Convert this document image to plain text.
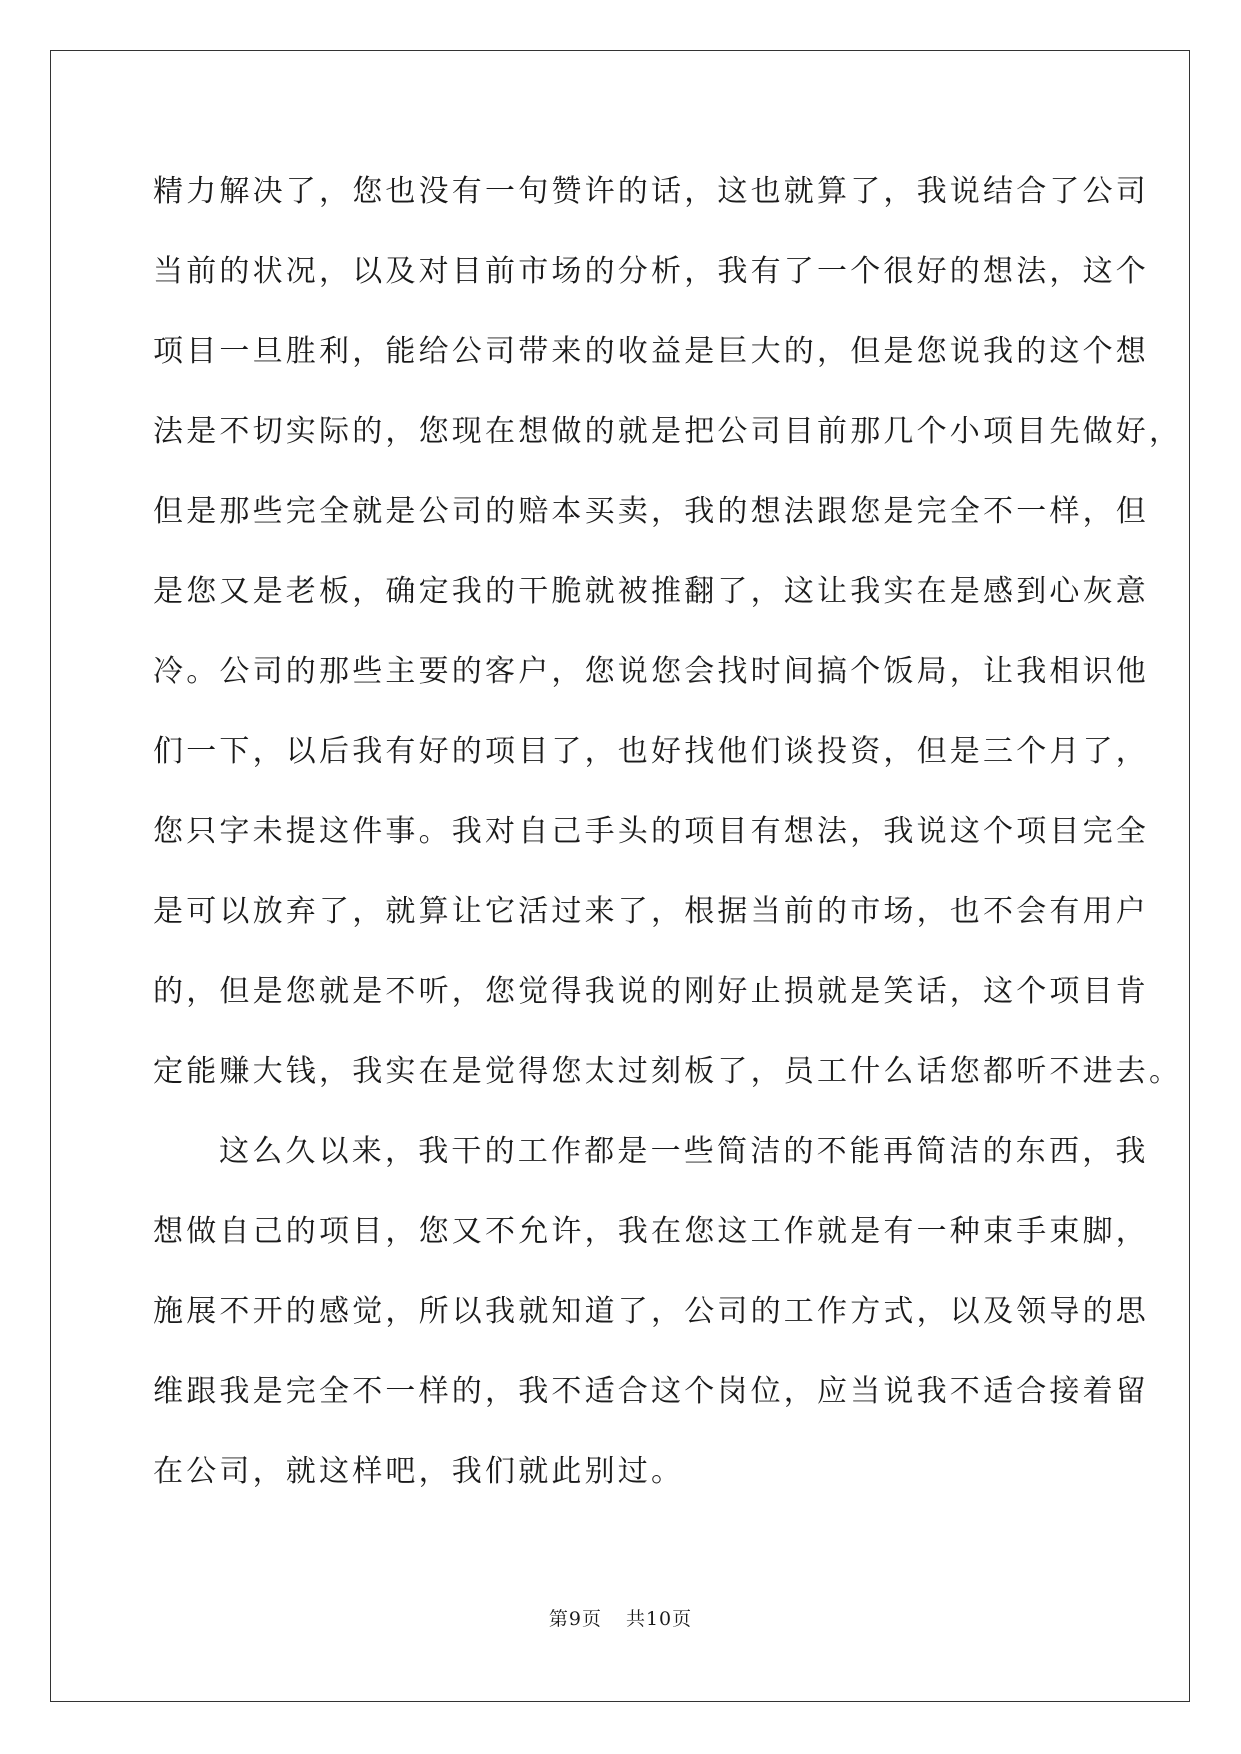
精力解决了，您也没有一句赞许的话，这也就算了，我说结合了公司
当前的状况，以及对目前市场的分析，我有了一个很好的想法，这个
项目一旦胜利，能给公司带来的收益是巨大的，但是您说我的这个想
法是不切实际的，您现在想做的就是把公司目前那几个小项目先做好，
但是那些完全就是公司的赔本买卖，我的想法跟您是完全不一样，但
是您又是老板，确定我的干脆就被推翻了，这让我实在是感到心灰意
冷。公司的那些主要的客户，您说您会找时间搞个饭局，让我相识他
们一下，以后我有好的项目了，也好找他们谈投资，但是三个月了，
您只字未提这件事。我对自己手头的项目有想法，我说这个项目完全
是可以放弃了，就算让它活过来了，根据当前的市场，也不会有用户
的，但是您就是不听，您觉得我说的刚好止损就是笑话，这个项目肯
定能赚大钱，我实在是觉得您太过刻板了，员工什么话您都听不进去。
这么久以来，我干的工作都是一些简洁的不能再简洁的东西，我
想做自己的项目，您又不允许，我在您这工作就是有一种束手束脚，
施展不开的感觉，所以我就知道了，公司的工作方式，以及领导的思
维跟我是完全不一样的，我不适合这个岗位，应当说我不适合接着留
在公司，就这样吧，我们就此别过。
第9页 共10页
